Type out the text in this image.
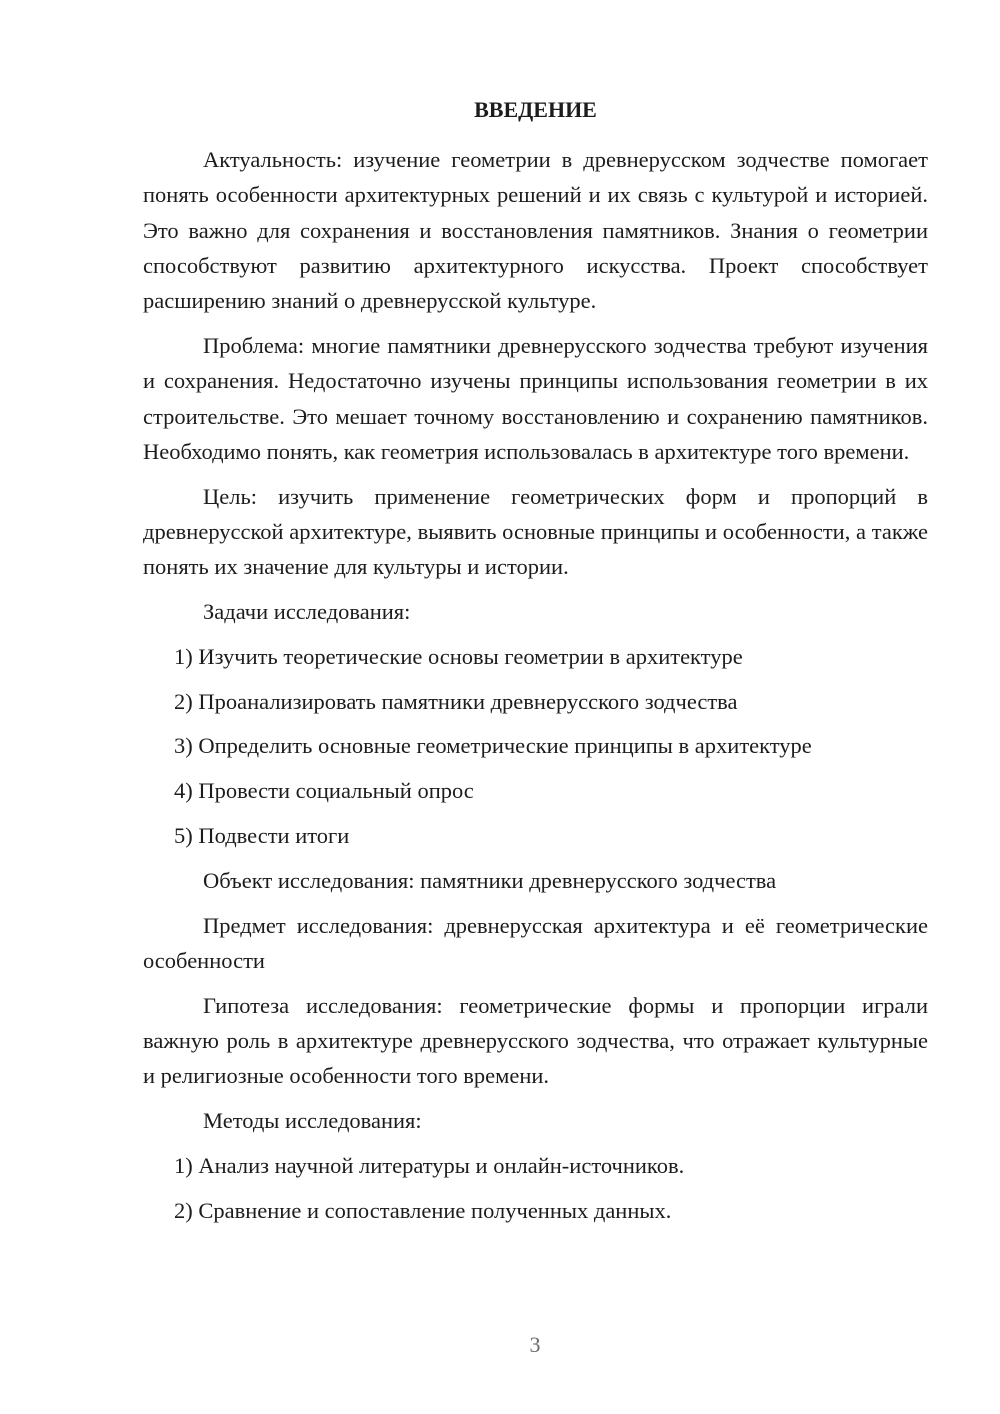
ВВЕДЕНИЕ

Актуальность: изучение геометрии в древнерусском зодчестве помогает понять особенности архитектурных решений и их связь с культурой и историей. Это важно для сохранения и восстановления памятников. Знания о геометрии способствуют развитию архитектурного искусства. Проект способствует расширению знаний о древнерусской культуре.

Проблема: многие памятники древнерусского зодчества требуют изучения и сохранения. Недостаточно изучены принципы использования геометрии в их строительстве. Это мешает точному восстановлению и сохранению памятников. Необходимо понять, как геометрия использовалась в архитектуре того времени.

Цель: изучить применение геометрических форм и пропорций в древнерусской архитектуре, выявить основные принципы и особенности, а также понять их значение для культуры и истории.

Задачи исследования:

1) Изучить теоретические основы геометрии в архитектуре
2) Проанализировать памятники древнерусского зодчества
3) Определить основные геометрические принципы в архитектуре
4) Провести социальный опрос
5) Подвести итоги

Объект исследования: памятники древнерусского зодчества

Предмет исследования: древнерусская архитектура и её геометрические особенности

Гипотеза исследования: геометрические формы и пропорции играли важную роль в архитектуре древнерусского зодчества, что отражает культурные и религиозные особенности того времени.

Методы исследования:

1) Анализ научной литературы и онлайн-источников.
2) Сравнение и сопоставление полученных данных.
3
